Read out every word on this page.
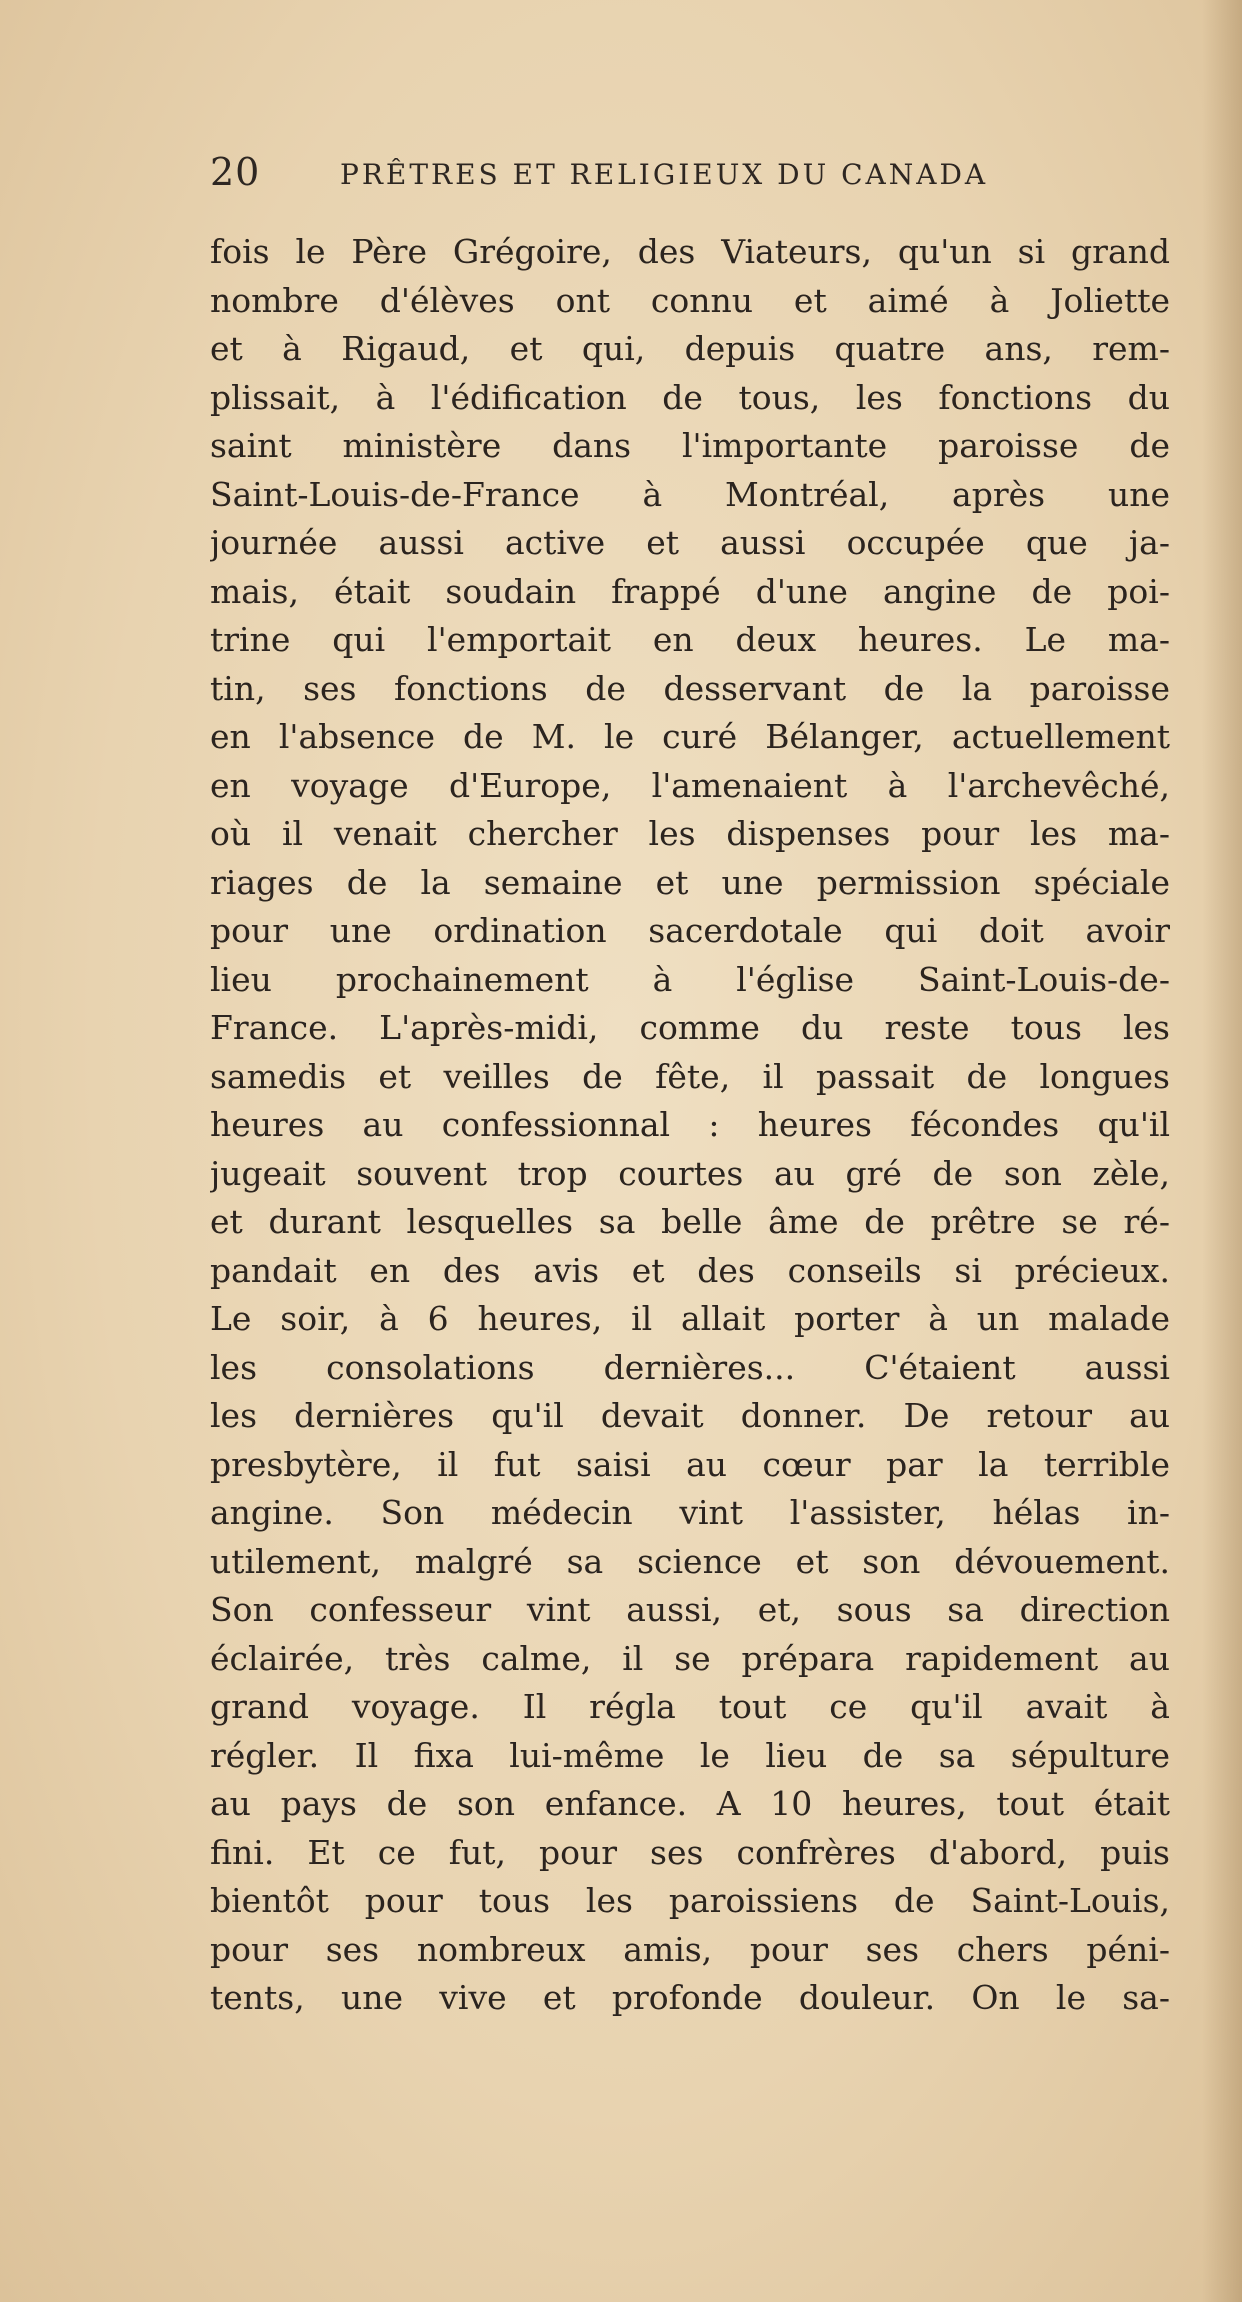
20	PRÊTRES ET RELIGIEUX DU CANADA
fois le Père Grégoire, des Viateurs, qu'un si grand
nombre d'élèves ont connu et aimé à Joliette
et à Rigaud, et qui, depuis quatre ans, rem-
plissait, à l'édification de tous, les fonctions du
saint ministère dans l'importante paroisse de
Saint-Louis-de-France à Montréal, après une
journée aussi active et aussi occupée que ja-
mais, était soudain frappé d'une angine de poi-
trine qui l'emportait en deux heures. Le ma-
tin, ses fonctions de desservant de la paroisse
en l'absence de M. le curé Bélanger, actuellement
en voyage d'Europe, l'amenaient à l'archevêché,
où il venait chercher les dispenses pour les ma-
riages de la semaine et une permission spéciale
pour une ordination sacerdotale qui doit avoir
lieu prochainement à l'église Saint-Louis-de-
France. L'après-midi, comme du reste tous les
samedis et veilles de fête, il passait de longues
heures au confessionnal : heures fécondes qu'il
jugeait souvent trop courtes au gré de son zèle,
et durant lesquelles sa belle âme de prêtre se ré-
pandait en des avis et des conseils si précieux.
Le soir, à 6 heures, il allait porter à un malade
les consolations dernières... C'étaient aussi
les dernières qu'il devait donner. De retour au
presbytère, il fut saisi au cœur par la terrible
angine. Son médecin vint l'assister, hélas in-
utilement, malgré sa science et son dévouement.
Son confesseur vint aussi, et, sous sa direction
éclairée, très calme, il se prépara rapidement au
grand voyage. Il régla tout ce qu'il avait à
régler. Il fixa lui-même le lieu de sa sépulture
au pays de son enfance. A 10 heures, tout était
fini. Et ce fut, pour ses confrères d'abord, puis
bientôt pour tous les paroissiens de Saint-Louis,
pour ses nombreux amis, pour ses chers péni-
tents, une vive et profonde douleur. On le sa-
